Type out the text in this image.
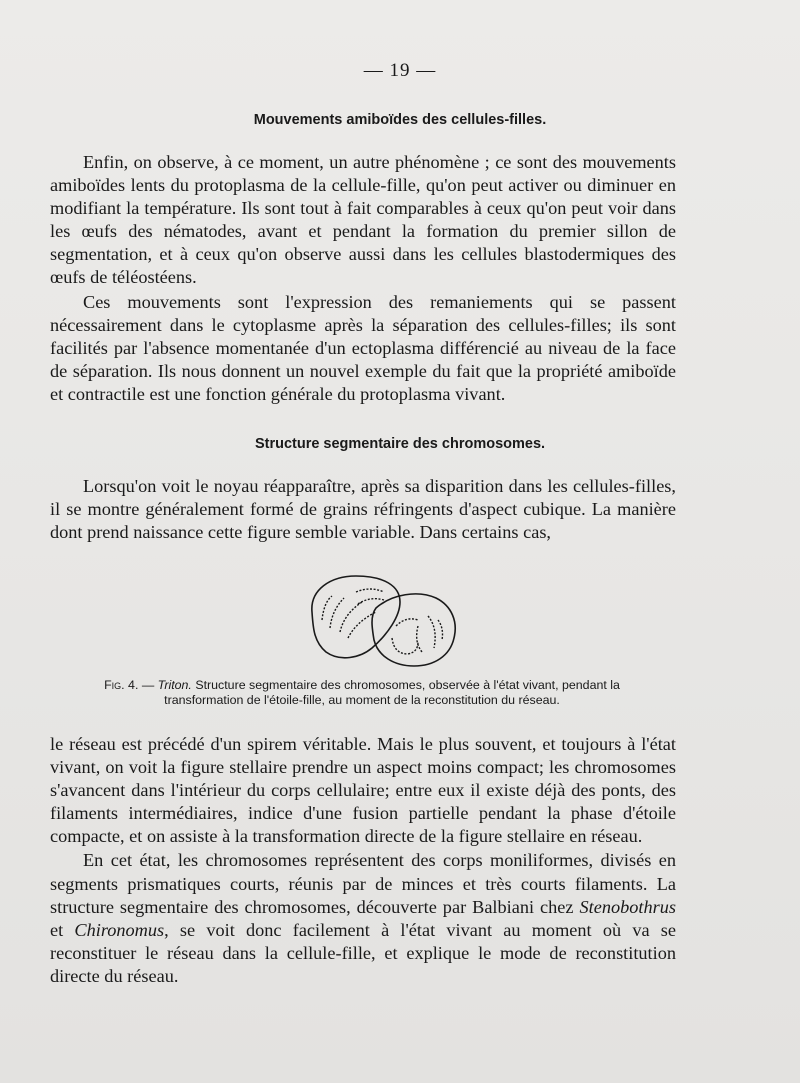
— 19 —
Mouvements amiboïdes des cellules-filles.

Enfin, on observe, à ce moment, un autre phénomène ; ce sont des mouvements amiboïdes lents du protoplasma de la cellule-fille, qu'on peut activer ou diminuer en modifiant la température. Ils sont tout à fait comparables à ceux qu'on peut voir dans les œufs des nématodes, avant et pendant la formation du premier sillon de segmentation, et à ceux qu'on observe aussi dans les cellules blastodermiques des œufs de téléostéens.

Ces mouvements sont l'expression des remaniements qui se passent nécessairement dans le cytoplasme après la séparation des cellules-filles; ils sont facilités par l'absence momentanée d'un ectoplasma différencié au niveau de la face de séparation. Ils nous donnent un nouvel exemple du fait que la propriété amiboïde et contractile est une fonction générale du protoplasma vivant.

Structure segmentaire des chromosomes.

Lorsqu'on voit le noyau réapparaître, après sa disparition dans les cellules-filles, il se montre généralement formé de grains réfringents d'aspect cubique. La manière dont prend naissance cette figure semble variable. Dans certains cas,

Fig. 4. — Triton. Structure segmentaire des chromosomes, observée à l'état vivant, pendant la transformation de l'étoile-fille, au moment de la reconstitution du réseau.

le réseau est précédé d'un spirem véritable. Mais le plus souvent, et toujours à l'état vivant, on voit la figure stellaire prendre un aspect moins compact; les chromosomes s'avancent dans l'intérieur du corps cellulaire; entre eux il existe déjà des ponts, des filaments intermédiaires, indice d'une fusion partielle pendant la phase d'étoile compacte, et on assiste à la transformation directe de la figure stellaire en réseau.

En cet état, les chromosomes représentent des corps moniliformes, divisés en segments prismatiques courts, réunis par de minces et très courts filaments. La structure segmentaire des chromosomes, découverte par Balbiani chez Stenobothrus et Chironomus, se voit donc facilement à l'état vivant au moment où va se reconstituer le réseau dans la cellule-fille, et explique le mode de reconstitution directe du réseau.
